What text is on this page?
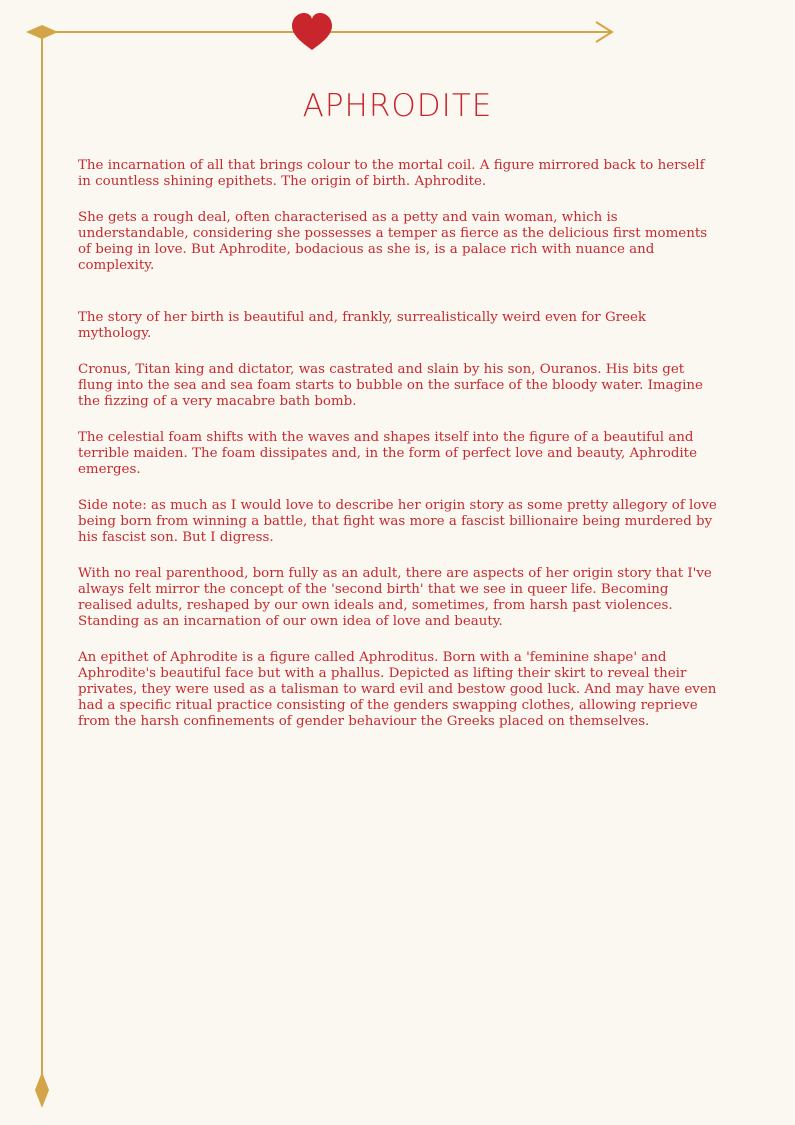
APHRODITE

The incarnation of all that brings colour to the mortal coil. A figure mirrored back to herself in countless shining epithets. The origin of birth. Aphrodite.

She gets a rough deal, often characterised as a petty and vain woman, which is understandable, considering she possesses a temper as fierce as the delicious first moments of being in love. But Aphrodite, bodacious as she is, is a palace rich with nuance and complexity.

The story of her birth is beautiful and, frankly, surrealistically weird even for Greek mythology.

Cronus, Titan king and dictator, was castrated and slain by his son, Ouranos. His bits get flung into the sea and sea foam starts to bubble on the surface of the bloody water. Imagine the fizzing of a very macabre bath bomb.

The celestial foam shifts with the waves and shapes itself into the figure of a beautiful and terrible maiden. The foam dissipates and, in the form of perfect love and beauty, Aphrodite emerges.

Side note: as much as I would love to describe her origin story as some pretty allegory of love being born from winning a battle, that fight was more a fascist billionaire being murdered by his fascist son. But I digress.

With no real parenthood, born fully as an adult, there are aspects of her origin story that I've always felt mirror the concept of the 'second birth' that we see in queer life. Becoming realised adults, reshaped by our own ideals and, sometimes, from harsh past violences. Standing as an incarnation of our own idea of love and beauty.

An epithet of Aphrodite is a figure called Aphroditus. Born with a 'feminine shape' and Aphrodite's beautiful face but with a phallus. Depicted as lifting their skirt to reveal their privates, they were used as a talisman to ward evil and bestow good luck. And may have even had a specific ritual practice consisting of the genders swapping clothes, allowing reprieve from the harsh confinements of gender behaviour the Greeks placed on themselves.
